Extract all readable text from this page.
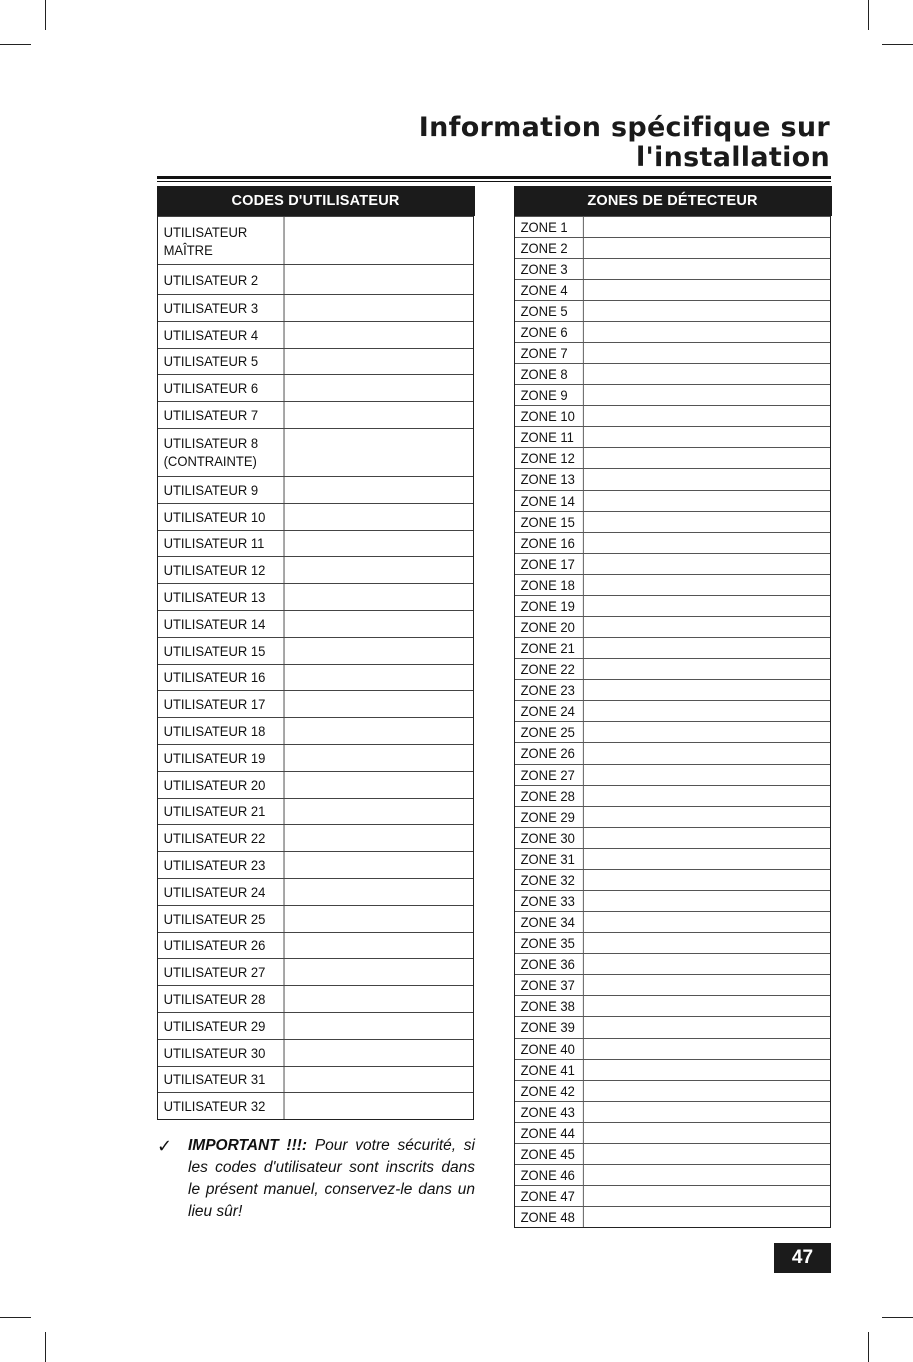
Information spécifique sur
l'installation
CODES D'UTILISATEUR
UTILISATEUR
MAÎTRE
UTILISATEUR 2
UTILISATEUR 3
UTILISATEUR 4
UTILISATEUR 5
UTILISATEUR 6
UTILISATEUR 7
UTILISATEUR 8
(CONTRAINTE)
UTILISATEUR 9
UTILISATEUR 10
UTILISATEUR 11
UTILISATEUR 12
UTILISATEUR 13
UTILISATEUR 14
UTILISATEUR 15
UTILISATEUR 16
UTILISATEUR 17
UTILISATEUR 18
UTILISATEUR 19
UTILISATEUR 20
UTILISATEUR 21
UTILISATEUR 22
UTILISATEUR 23
UTILISATEUR 24
UTILISATEUR 25
UTILISATEUR 26
UTILISATEUR 27
UTILISATEUR 28
UTILISATEUR 29
UTILISATEUR 30
UTILISATEUR 31
UTILISATEUR 32
ZONES DE DÉTECTEUR
ZONE 1
ZONE 2
ZONE 3
ZONE 4
ZONE 5
ZONE 6
ZONE 7
ZONE 8
ZONE 9
ZONE 10
ZONE 11
ZONE 12
ZONE 13
ZONE 14
ZONE 15
ZONE 16
ZONE 17
ZONE 18
ZONE 19
ZONE 20
ZONE 21
ZONE 22
ZONE 23
ZONE 24
ZONE 25
ZONE 26
ZONE 27
ZONE 28
ZONE 29
ZONE 30
ZONE 31
ZONE 32
ZONE 33
ZONE 34
ZONE 35
ZONE 36
ZONE 37
ZONE 38
ZONE 39
ZONE 40
ZONE 41
ZONE 42
ZONE 43
ZONE 44
ZONE 45
ZONE 46
ZONE 47
ZONE 48
✓ IMPORTANT !!!: Pour votre sécurité, si les codes d'utilisateur sont inscrits dans le présent manuel, conservez-le dans un lieu sûr!
47
